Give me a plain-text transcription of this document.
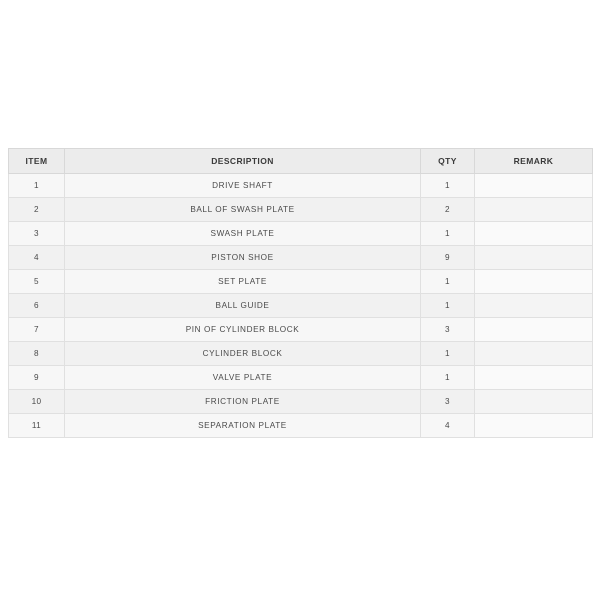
ITEM	DESCRIPTION	QTY	REMARK
1	DRIVE SHAFT	1	
2	BALL OF SWASH PLATE	2	
3	SWASH PLATE	1	
4	PISTON SHOE	9	
5	SET PLATE	1	
6	BALL GUIDE	1	
7	PIN OF CYLINDER BLOCK	3	
8	CYLINDER BLOCK	1	
9	VALVE PLATE	1	
10	FRICTION PLATE	3	
11	SEPARATION PLATE	4	
